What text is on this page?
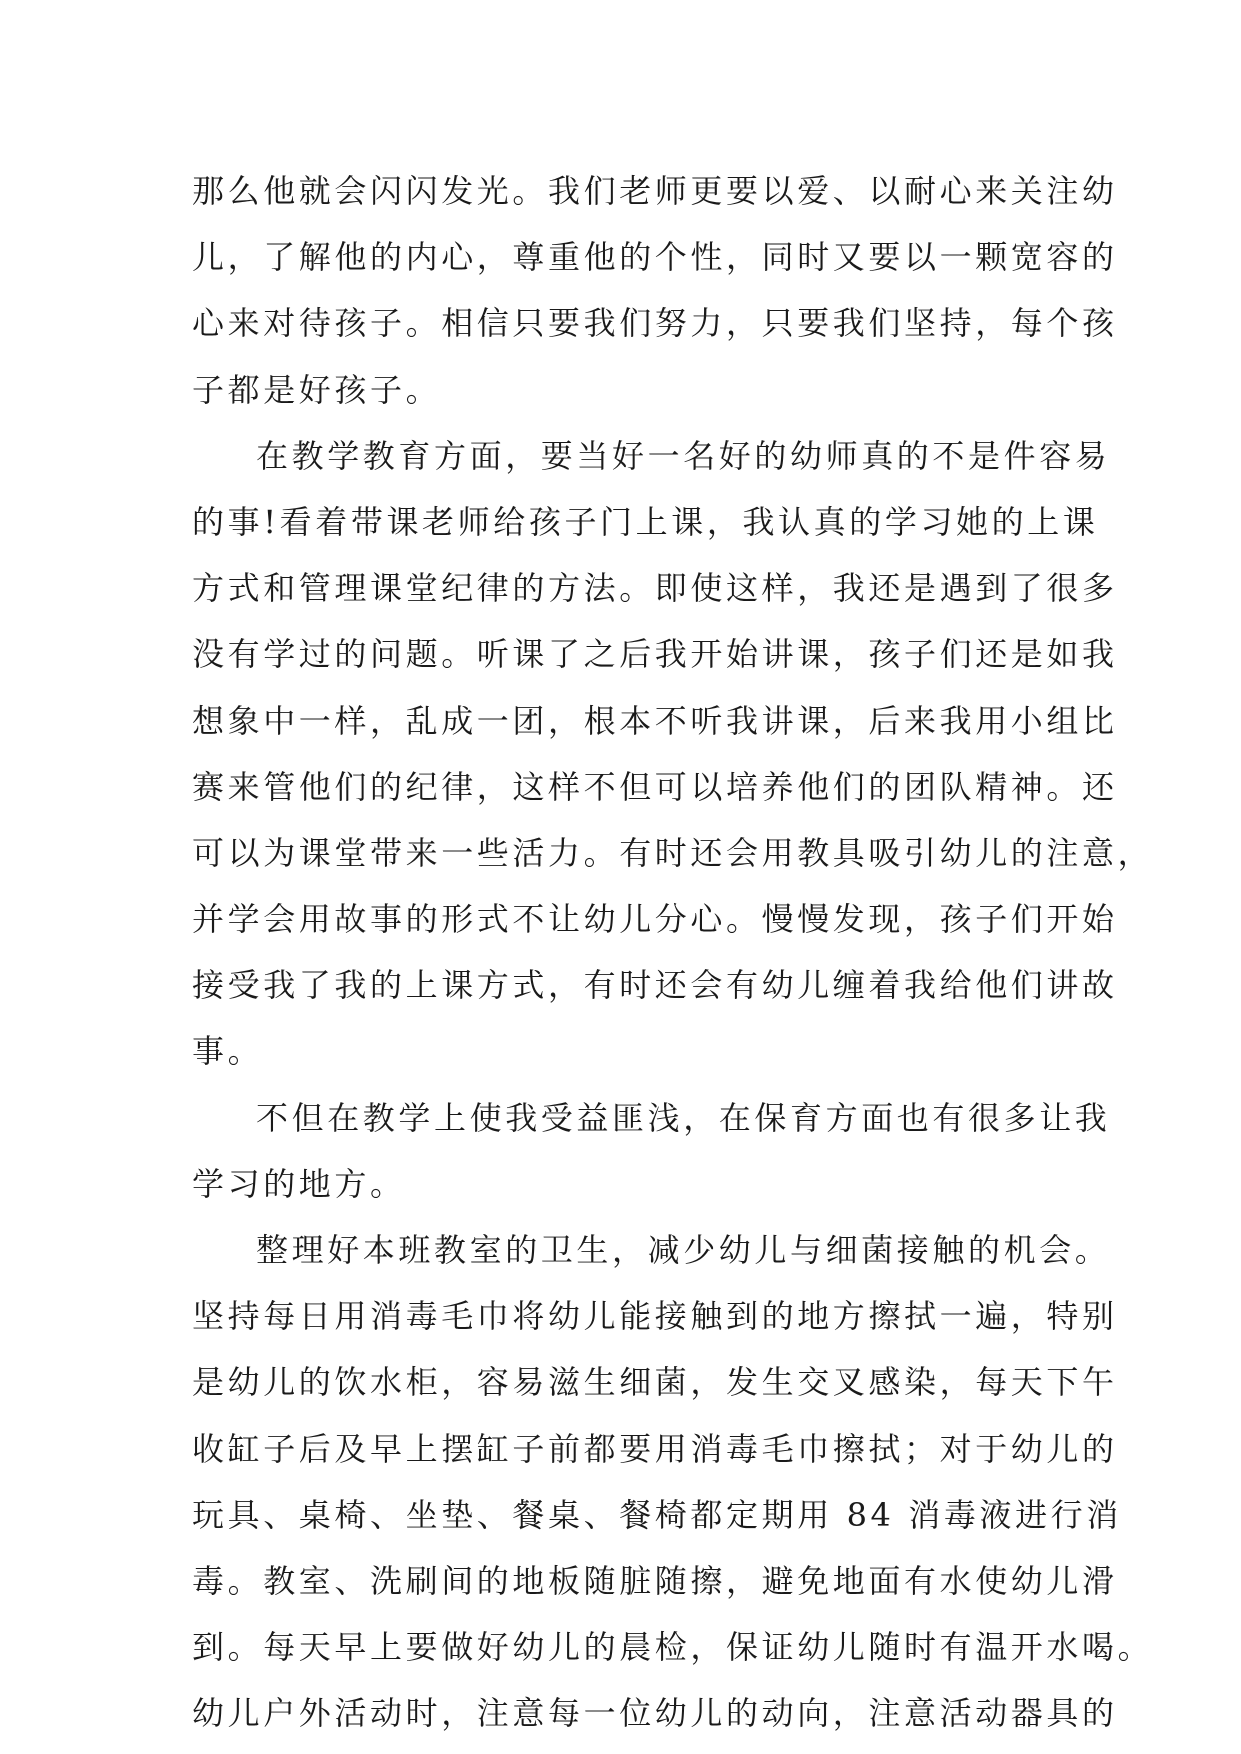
那么他就会闪闪发光。我们老师更要以爱、以耐心来关注幼
儿，了解他的内心，尊重他的个性，同时又要以一颗宽容的
心来对待孩子。相信只要我们努力，只要我们坚持，每个孩
子都是好孩子。
在教学教育方面，要当好一名好的幼师真的不是件容易
的事!看着带课老师给孩子门上课，我认真的学习她的上课
方式和管理课堂纪律的方法。即使这样，我还是遇到了很多
没有学过的问题。听课了之后我开始讲课，孩子们还是如我
想象中一样，乱成一团，根本不听我讲课，后来我用小组比
赛来管他们的纪律，这样不但可以培养他们的团队精神。还
可以为课堂带来一些活力。有时还会用教具吸引幼儿的注意，
并学会用故事的形式不让幼儿分心。慢慢发现，孩子们开始
接受我了我的上课方式，有时还会有幼儿缠着我给他们讲故
事。
不但在教学上使我受益匪浅，在保育方面也有很多让我
学习的地方。
整理好本班教室的卫生，减少幼儿与细菌接触的机会。
坚持每日用消毒毛巾将幼儿能接触到的地方擦拭一遍，特别
是幼儿的饮水柜，容易滋生细菌，发生交叉感染，每天下午
收缸子后及早上摆缸子前都要用消毒毛巾擦拭；对于幼儿的
玩具、桌椅、坐垫、餐桌、餐椅都定期用 84 消毒液进行消
毒。教室、洗刷间的地板随脏随擦，避免地面有水使幼儿滑
到。每天早上要做好幼儿的晨检，保证幼儿随时有温开水喝。
幼儿户外活动时，注意每一位幼儿的动向，注意活动器具的
